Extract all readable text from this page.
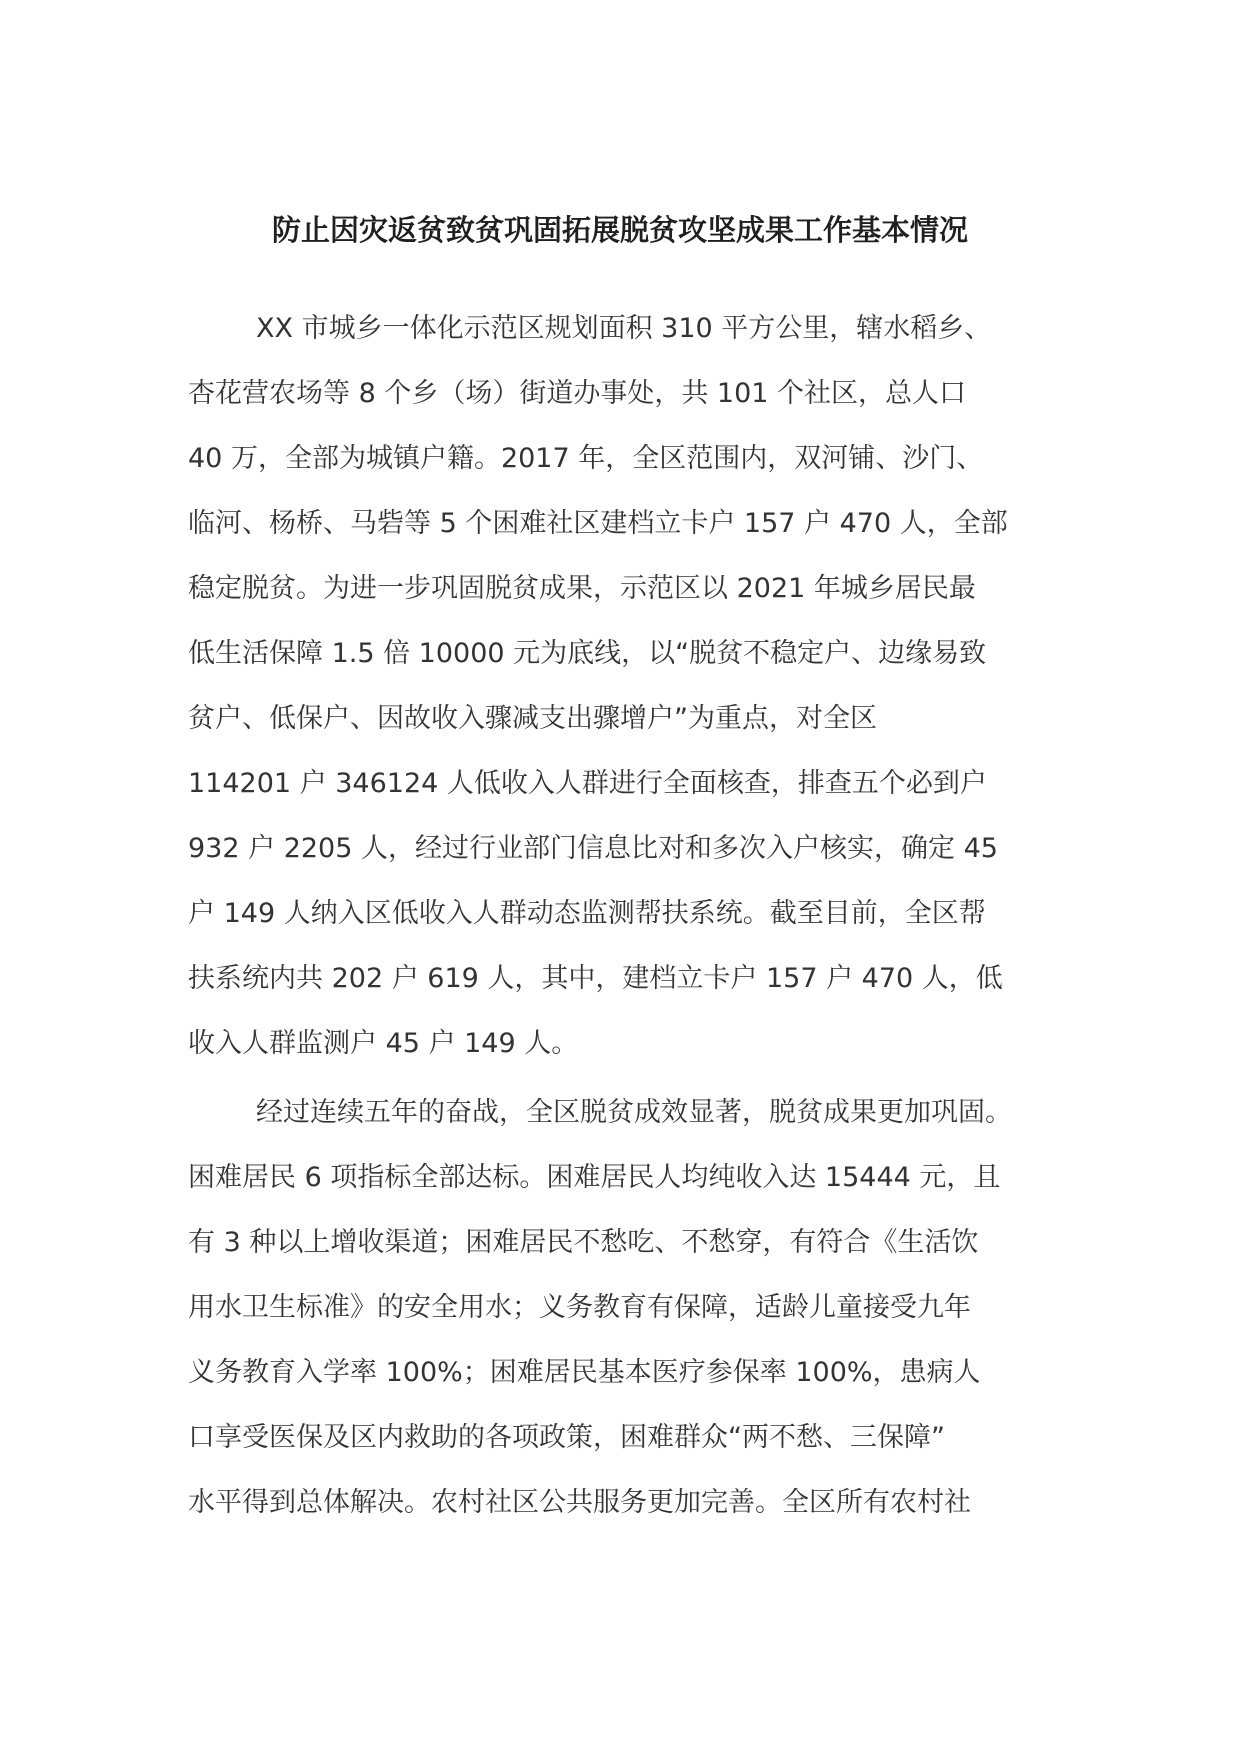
防止因灾返贫致贫巩固拓展脱贫攻坚成果工作基本情况
XX 市城乡一体化示范区规划面积 310 平方公里，辖水稻乡、
杏花营农场等 8 个乡（场）街道办事处，共 101 个社区，总人口
40 万，全部为城镇户籍。2017 年，全区范围内，双河铺、沙门、
临河、杨桥、马砦等 5 个困难社区建档立卡户 157 户 470 人，全部
稳定脱贫。为进一步巩固脱贫成果，示范区以 2021 年城乡居民最
低生活保障 1.5 倍 10000 元为底线，以“脱贫不稳定户、边缘易致
贫户、低保户、因故收入骤减支出骤增户”为重点，对全区
114201 户 346124 人低收入人群进行全面核查，排查五个必到户
932 户 2205 人，经过行业部门信息比对和多次入户核实，确定 45
户 149 人纳入区低收入人群动态监测帮扶系统。截至目前，全区帮
扶系统内共 202 户 619 人，其中，建档立卡户 157 户 470 人，低
收入人群监测户 45 户 149 人。
经过连续五年的奋战，全区脱贫成效显著，脱贫成果更加巩固。
困难居民 6 项指标全部达标。困难居民人均纯收入达 15444 元，且
有 3 种以上增收渠道；困难居民不愁吃、不愁穿，有符合《生活饮
用水卫生标准》的安全用水；义务教育有保障，适龄儿童接受九年
义务教育入学率 100%；困难居民基本医疗参保率 100%，患病人
口享受医保及区内救助的各项政策，困难群众“两不愁、三保障”
水平得到总体解决。农村社区公共服务更加完善。全区所有农村社
